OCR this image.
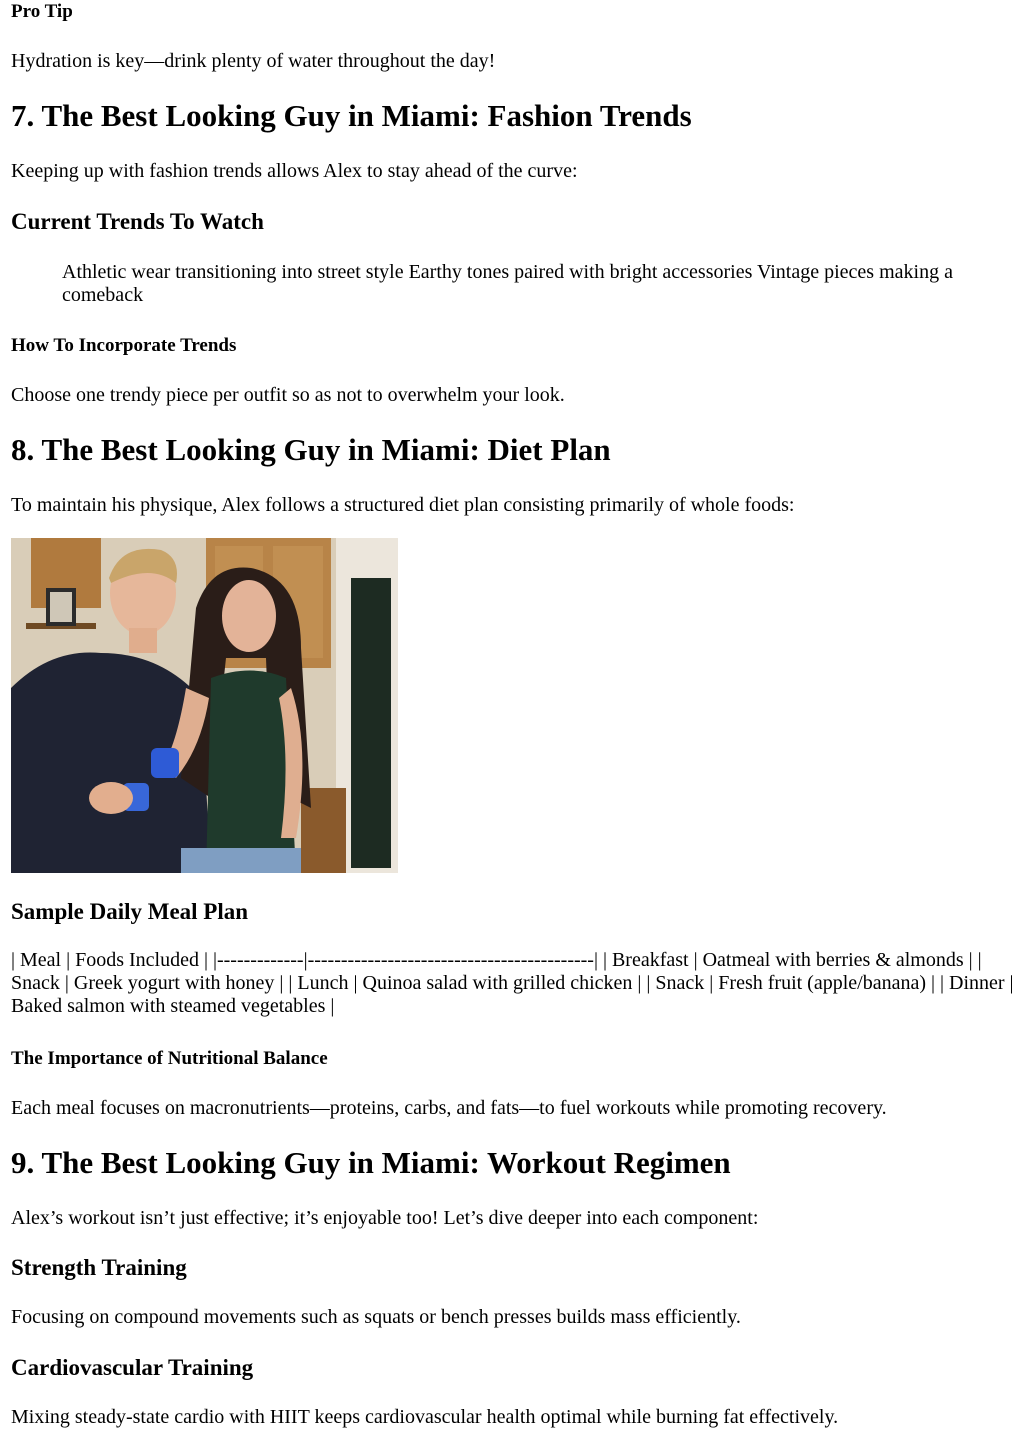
Pro Tip

Hydration is key—drink plenty of water throughout the day!

7. The Best Looking Guy in Miami: Fashion Trends

Keeping up with fashion trends allows Alex to stay ahead of the curve:

Current Trends To Watch
Athletic wear transitioning into street style Earthy tones paired with bright accessories Vintage pieces making a comeback
How To Incorporate Trends

Choose one trendy piece per outfit so as not to overwhelm your look.

8. The Best Looking Guy in Miami: Diet Plan

To maintain his physique, Alex follows a structured diet plan consisting primarily of whole foods:

Sample Daily Meal Plan

| Meal | Foods Included | |-------------|-------------------------------------------| | Breakfast | Oatmeal with berries & almonds | | Snack | Greek yogurt with honey | | Lunch | Quinoa salad with grilled chicken | | Snack | Fresh fruit (apple/banana) | | Dinner | Baked salmon with steamed vegetables |

The Importance of Nutritional Balance

Each meal focuses on macronutrients—proteins, carbs, and fats—to fuel workouts while promoting recovery.

9. The Best Looking Guy in Miami: Workout Regimen

Alex’s workout isn’t just effective; it’s enjoyable too! Let’s dive deeper into each component:

Strength Training

Focusing on compound movements such as squats or bench presses builds mass efficiently.

Cardiovascular Training

Mixing steady-state cardio with HIIT keeps cardiovascular health optimal while burning fat effectively.
